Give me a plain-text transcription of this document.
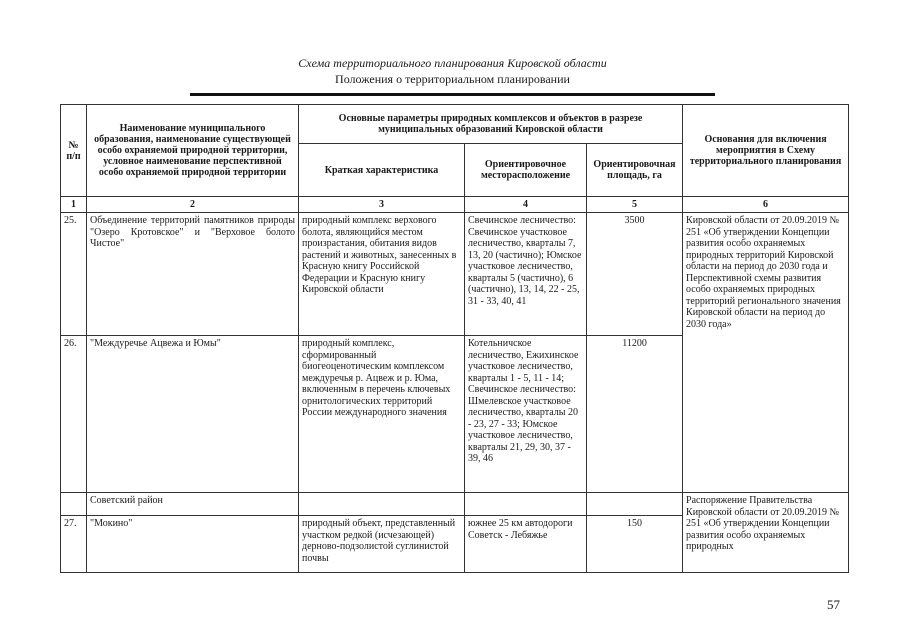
Схема территориального планирования Кировской области
Положения о территориальном планировании
№ п/п	Наименование муниципального образования, наименование существующей особо охраняемой природной территории, условное наименование перспективной особо охраняемой природной территории	Основные параметры природных комплексов и объектов в разрезе муниципальных образований Кировской области			Основания для включения мероприятия в Схему территориального планирования
		Краткая характеристика	Ориентировочное месторасположение	Ориентировочная площадь, га	
1	2	3	4	5	6
25.	Объединение территорий памятников природы "Озеро Кротовское" и "Верховое болото Чистое"	природный комплекс верхового болота, являющийся местом произрастания, обитания видов растений и животных, занесенных в Красную книгу Российской Федерации и Красную книгу Кировской области	Свечинское лесничество: Свечинское участковое лесничество, кварталы 7, 13, 20 (частично); Юмское участковое лесничество, кварталы 5 (частично), 6 (частично), 13, 14, 22 - 25, 31 - 33, 40, 41	3500	Кировской области от 20.09.2019 № 251 «Об утверждении Концепции развития особо охраняемых природных территорий Кировской области на период до 2030 года и Перспективной схемы развития особо охраняемых природных территорий регионального значения Кировской области на период до 2030 года»
26.	"Междуречье Ацвежа и Юмы"	природный комплекс, сформированный биогеоценотическим комплексом междуречья р. Ацвеж и р. Юма, включенным в перечень ключевых орнитологических территорий России международного значения	Котельничское лесничество, Ежихинское участковое лесничество, кварталы 1 - 5, 11 - 14; Свечинское лесничество: Шмелевское участковое лесничество, кварталы 20 - 23, 27 - 33; Юмское участковое лесничество, кварталы 21, 29, 30, 37 - 39, 46	11200	
	Советский район				Распоряжение Правительства Кировской области от 20.09.2019 № 251 «Об утверждении Концепции развития особо охраняемых природных
27.	"Мокино"	природный объект, представленный участком редкой (исчезающей) дерново-подзолистой суглинистой почвы	южнее 25 км автодороги Советск - Лебяжье	150	
57
